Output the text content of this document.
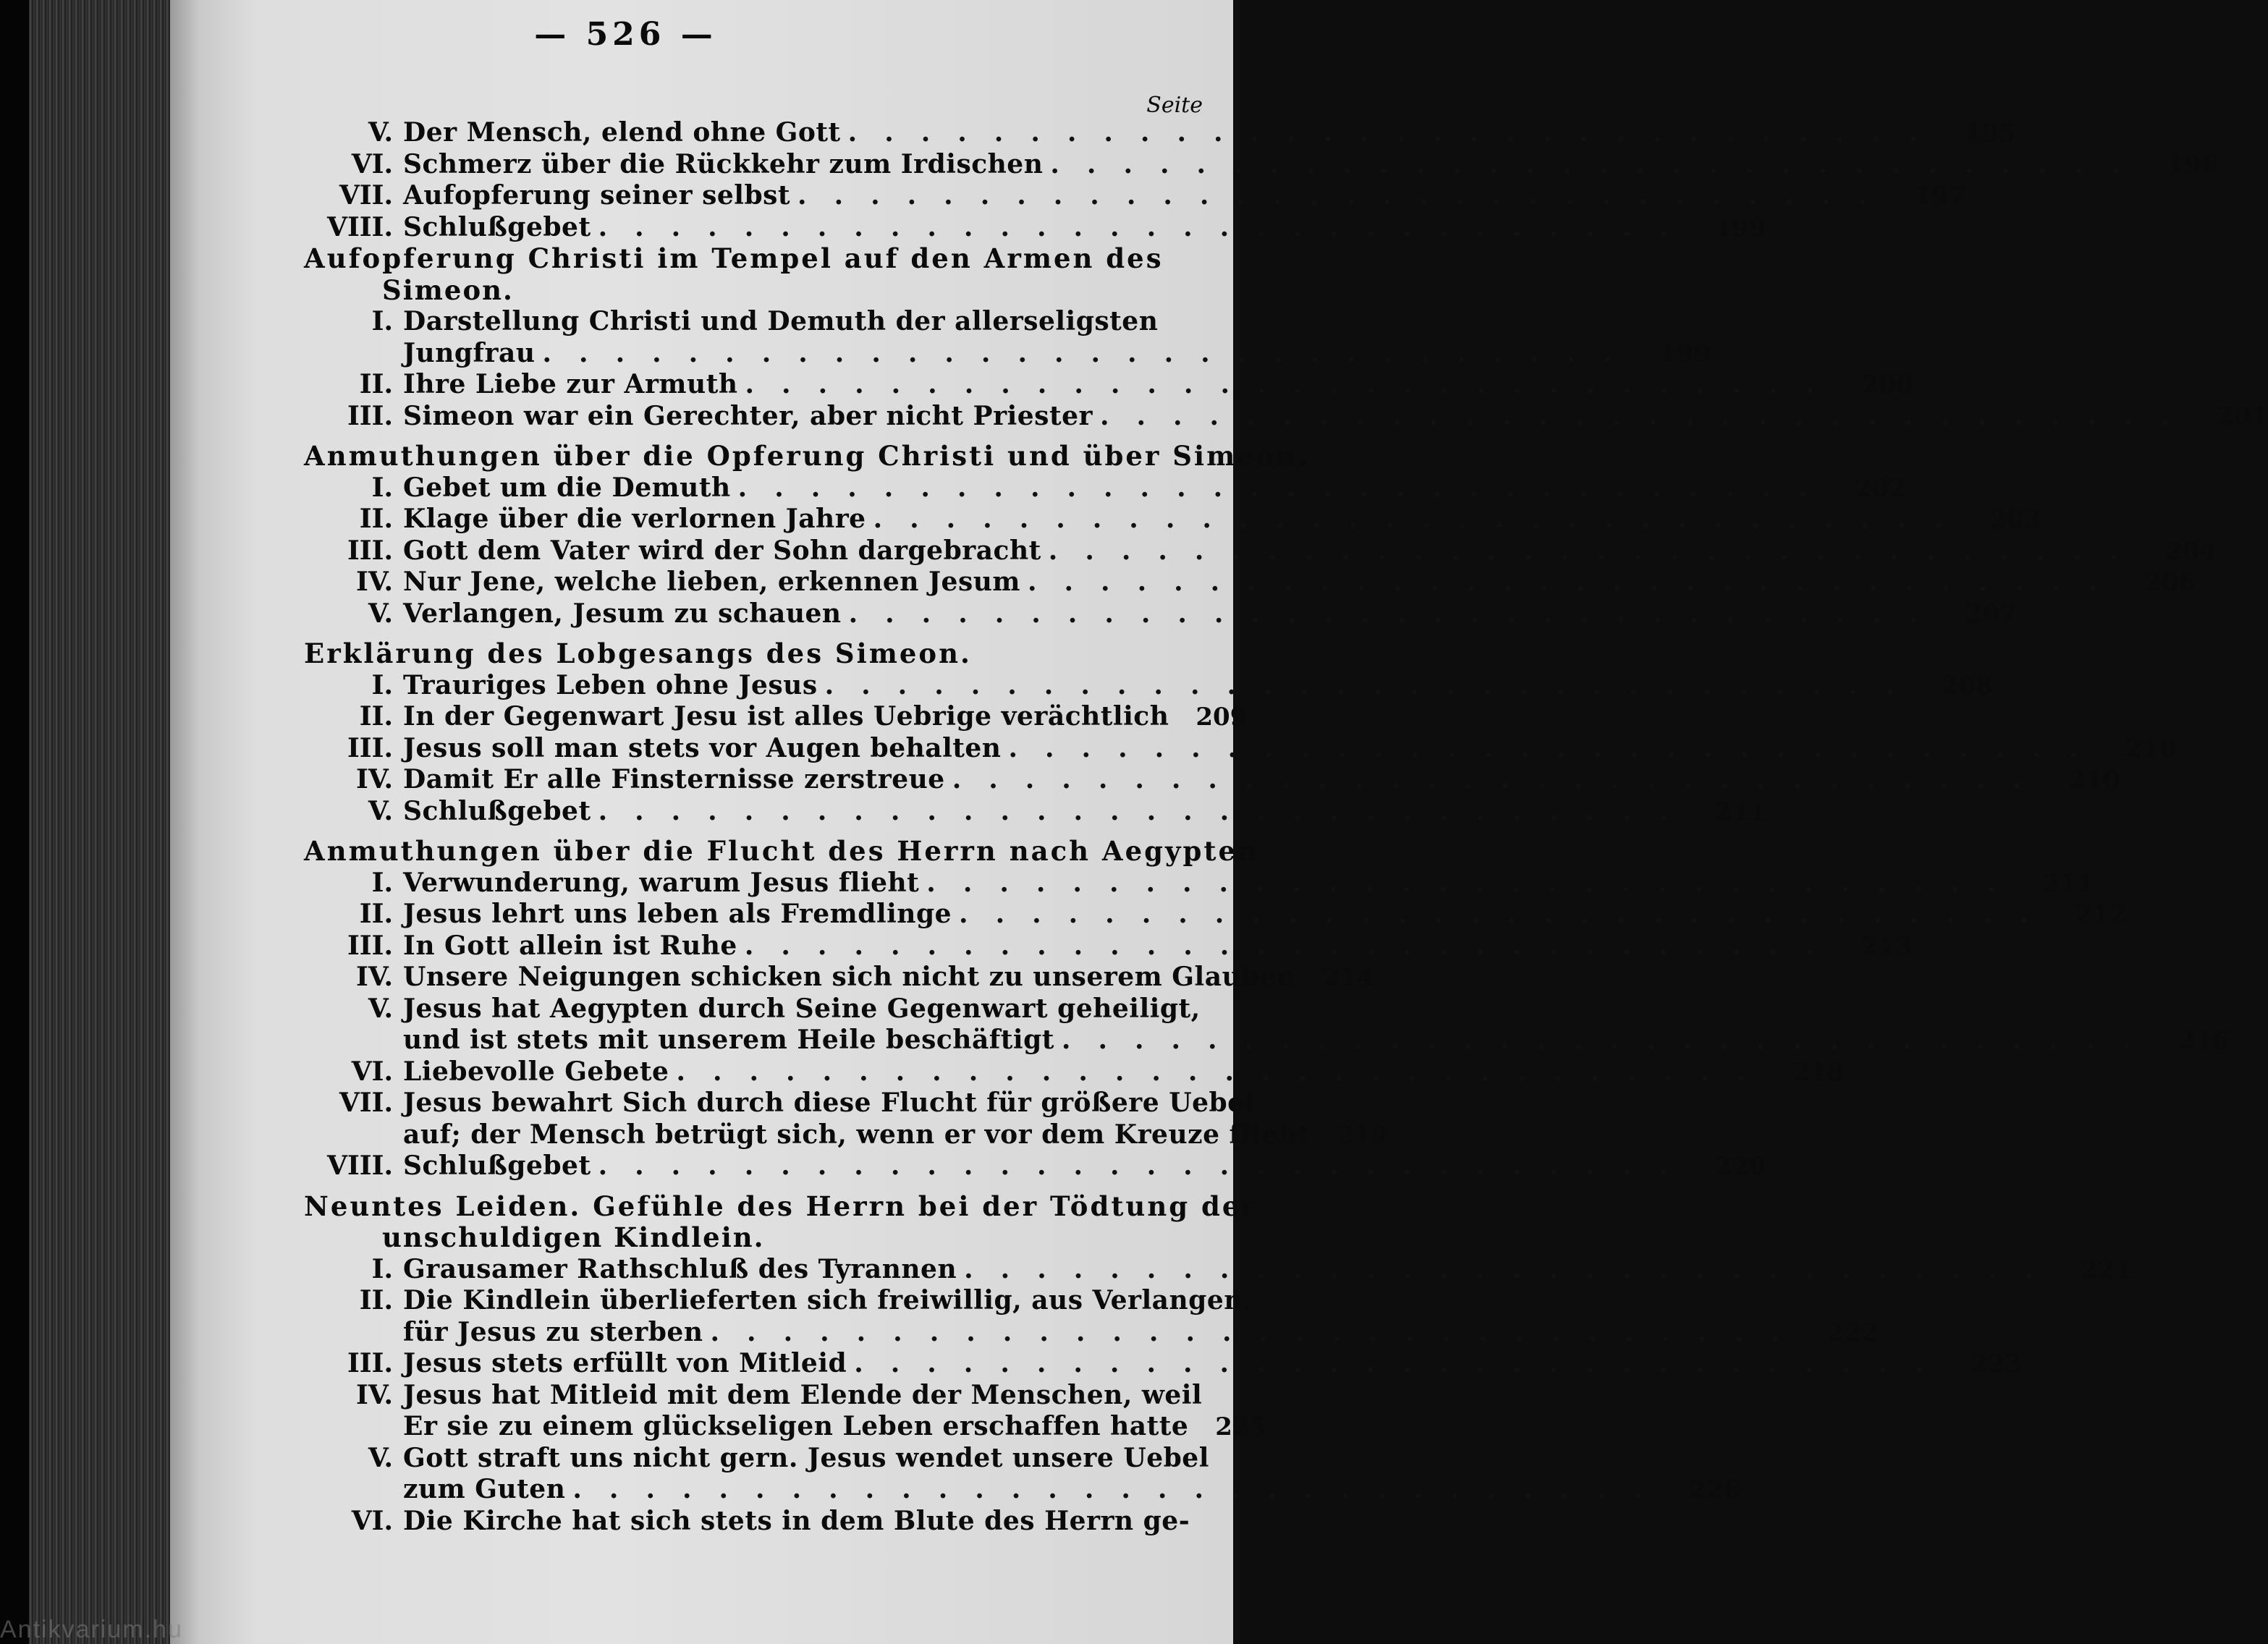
— 526 —
Seite
V. Der Mensch, elend ohne Gott .............................. 195
VI. Schmerz über die Rückkehr zum Irdischen .............................. 196
VII. Aufopferung seiner selbst .............................. 197
VIII. Schlußgebet .............................. 199
Aufopferung Christi im Tempel auf den Armen des
Simeon.
I. Darstellung Christi und Demuth der allerseligsten
Jungfrau .............................. 199
II. Ihre Liebe zur Armuth .............................. 200
III. Simeon war ein Gerechter, aber nicht Priester .............................. 201
Anmuthungen über die Opferung Christi und über Simeon.
I. Gebet um die Demuth .............................. 202
II. Klage über die verlornen Jahre .............................. 203
III. Gott dem Vater wird der Sohn dargebracht .............................. 204
IV. Nur Jene, welche lieben, erkennen Jesum .............................. 206
V. Verlangen, Jesum zu schauen .............................. 207
Erklärung des Lobgesangs des Simeon.
I. Trauriges Leben ohne Jesus .............................. 208
II. In der Gegenwart Jesu ist alles Uebrige verächtlich	209
III. Jesus soll man stets vor Augen behalten .............................. 210
IV. Damit Er alle Finsternisse zerstreue .............................. 210
V. Schlußgebet .............................. 211
Anmuthungen über die Flucht des Herrn nach Aegypten.
I. Verwunderung, warum Jesus flieht .............................. 211
II. Jesus lehrt uns leben als Fremdlinge .............................. 212
III. In Gott allein ist Ruhe .............................. 213
IV. Unsere Neigungen schicken sich nicht zu unserem Glauben	214
V. Jesus hat Aegypten durch Seine Gegenwart geheiligt,
und ist stets mit unserem Heile beschäftigt .............................. 216
VI. Liebevolle Gebete .............................. 218
VII. Jesus bewahrt Sich durch diese Flucht für größere Uebel
auf; der Mensch betrügt sich, wenn er vor dem Kreuze flieht	219
VIII. Schlußgebet .............................. 220
Neuntes Leiden. Gefühle des Herrn bei der Tödtung der
unschuldigen Kindlein.
I. Grausamer Rathschluß des Tyrannen .............................. 221
II. Die Kindlein überlieferten sich freiwillig, aus Verlangen,
für Jesus zu sterben .............................. 222
III. Jesus stets erfüllt von Mitleid .............................. 223
IV. Jesus hat Mitleid mit dem Elende der Menschen, weil
Er sie zu einem glückseligen Leben erschaffen hatte	225
V. Gott straft uns nicht gern. Jesus wendet unsere Uebel
zum Guten .............................. 226
VI. Die Kirche hat sich stets in dem Blute des Herrn ge-
Antikvarium.hu
